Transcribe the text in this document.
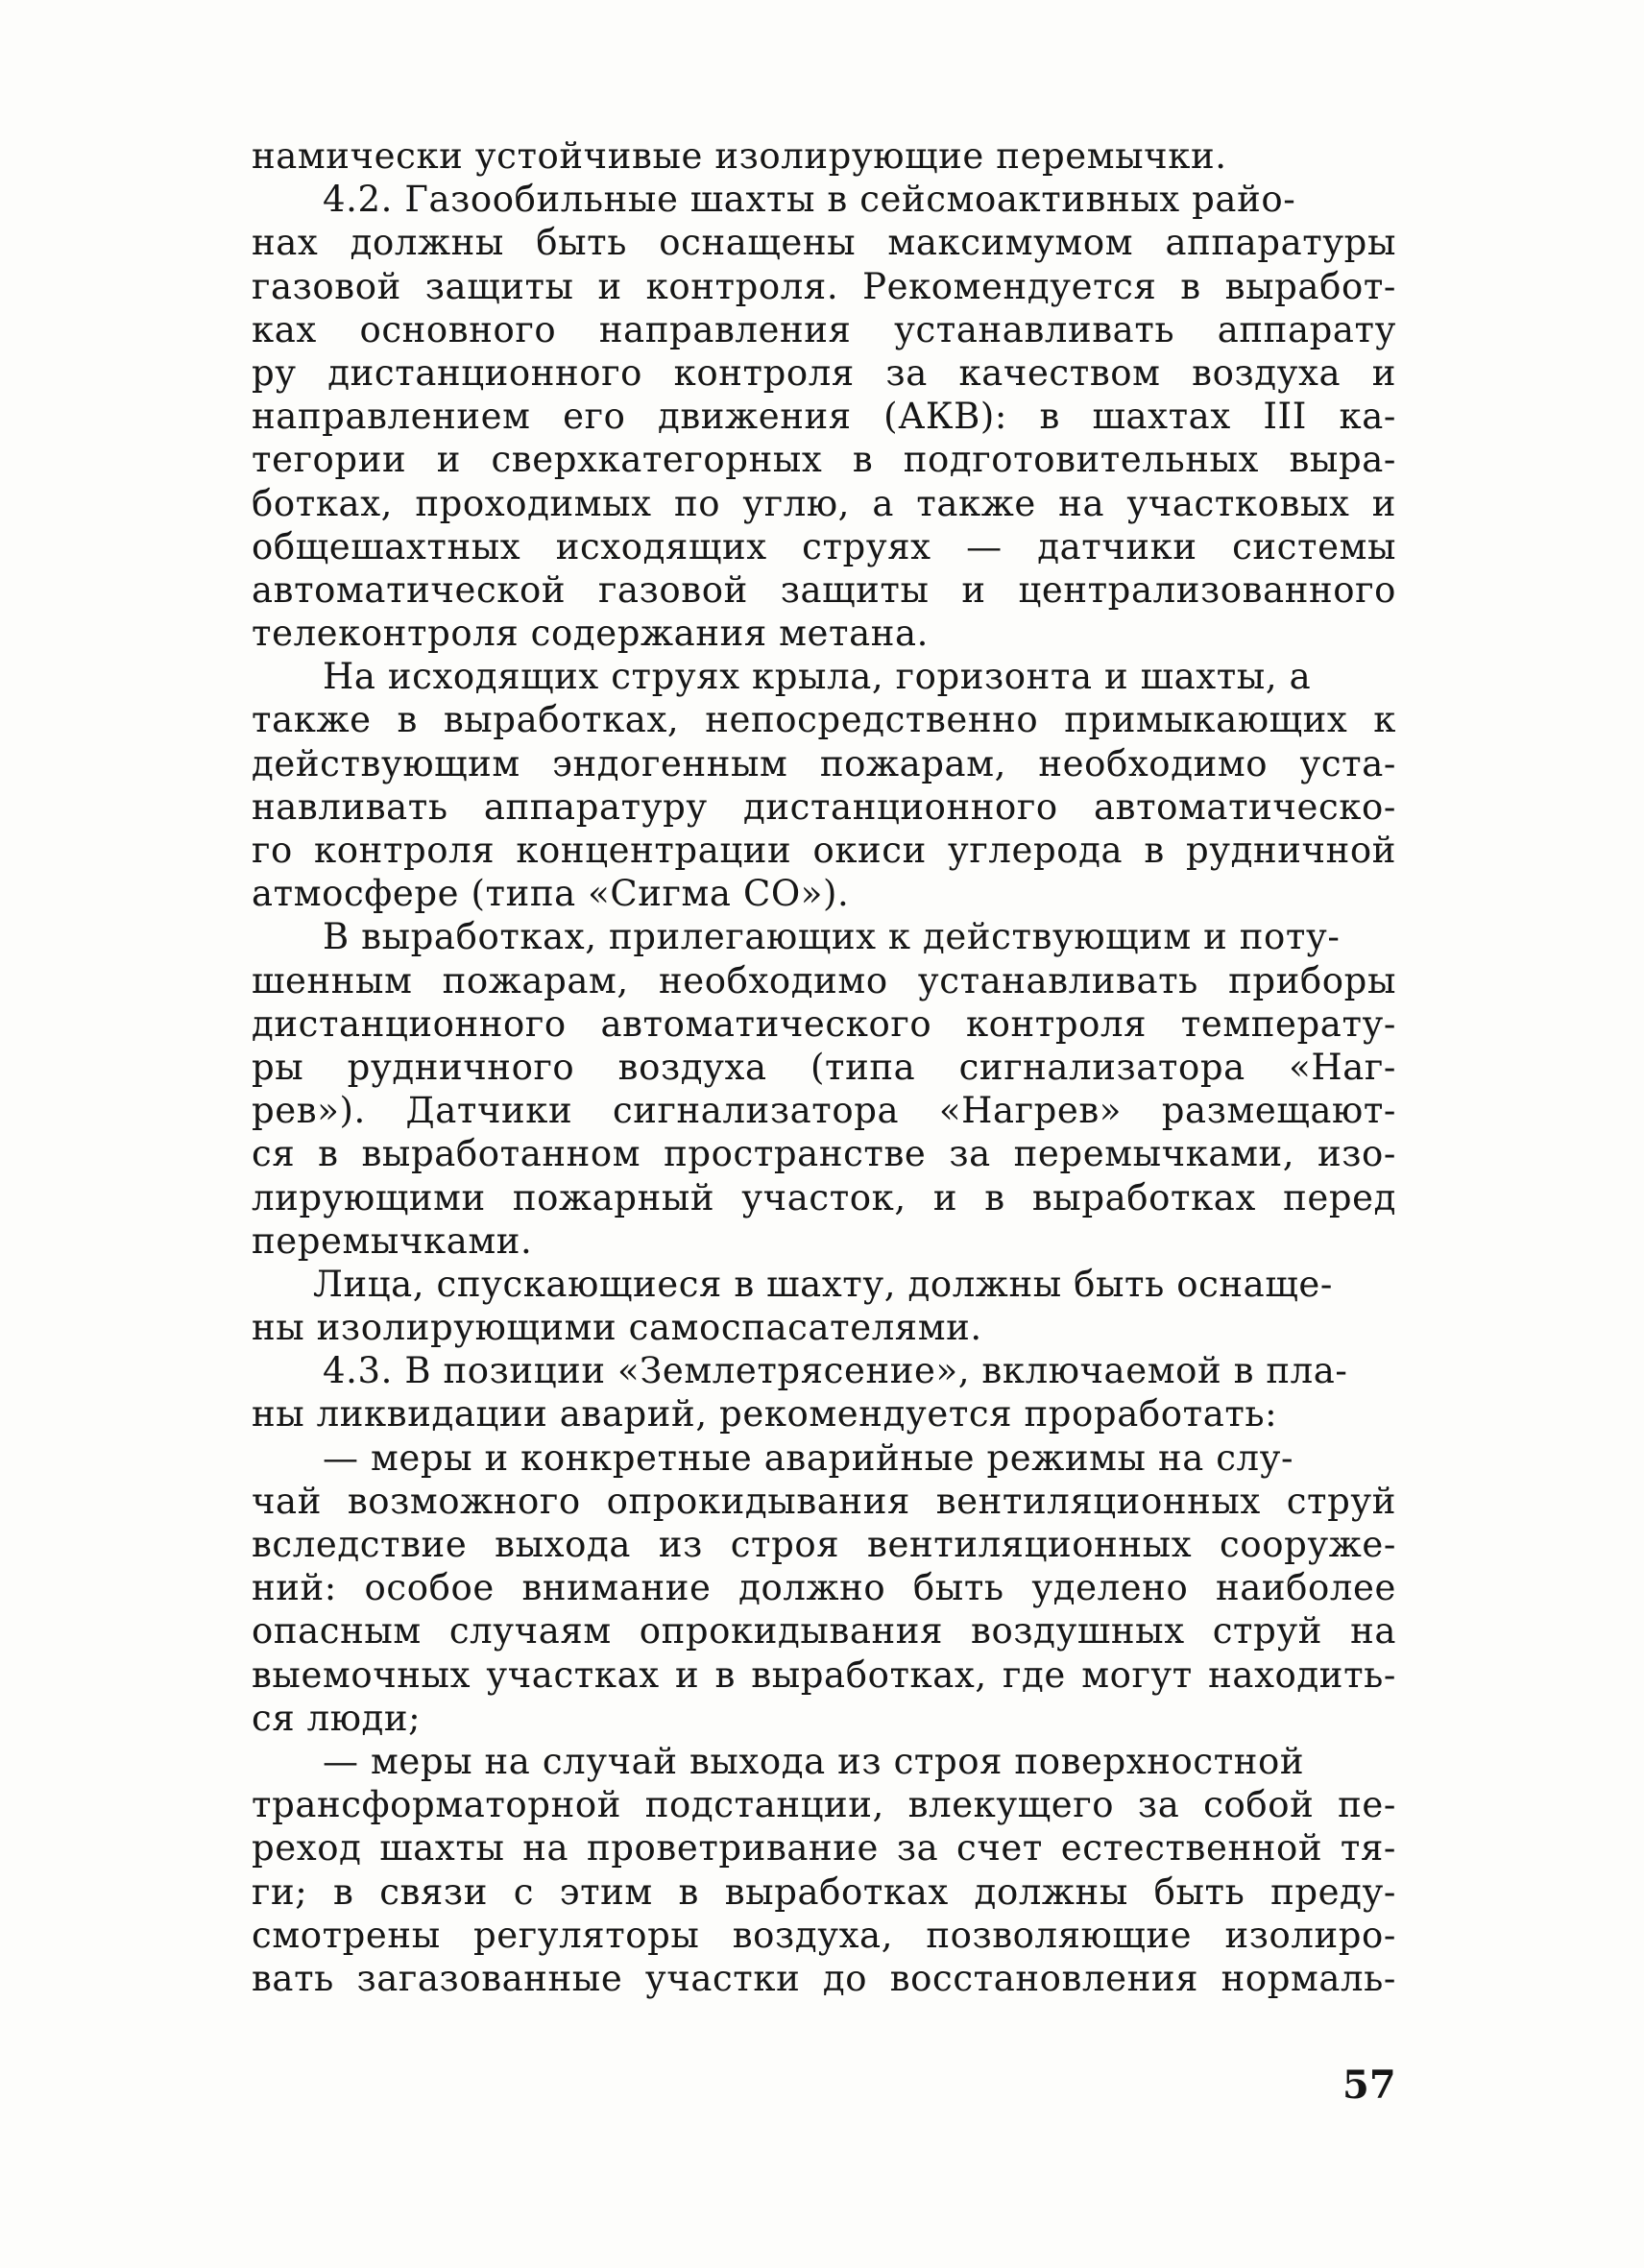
намически устойчивые изолирующие перемычки.
4.2. Газообильные шахты в сейсмоактивных райо-
нах должны быть оснащены максимумом аппаратуры
газовой защиты и контроля. Рекомендуется в выработ-
ках основного направления устанавливать аппарату
ру дистанционного контроля за качеством воздуха и
направлением его движения (АКВ): в шахтах III ка-
тегории и сверхкатегорных в подготовительных выра-
ботках, проходимых по углю, а также на участковых и
общешахтных исходящих струях — датчики системы
автоматической газовой защиты и централизованного
телеконтроля содержания метана.
На исходящих струях крыла, горизонта и шахты, а
также в выработках, непосредственно примыкающих к
действующим эндогенным пожарам, необходимо уста-
навливать аппаратуру дистанционного автоматическо-
го контроля концентрации окиси углерода в рудничной
атмосфере (типа «Сигма СО»).
В выработках, прилегающих к действующим и поту-
шенным пожарам, необходимо устанавливать приборы
дистанционного автоматического контроля температу-
ры рудничного воздуха (типа сигнализатора «Наг-
рев»). Датчики сигнализатора «Нагрев» размещают-
ся в выработанном пространстве за перемычками, изо-
лирующими пожарный участок, и в выработках перед
перемычками.
Лица, спускающиеся в шахту, должны быть оснаще-
ны изолирующими самоспасателями.
4.3. В позиции «Землетрясение», включаемой в пла-
ны ликвидации аварий, рекомендуется проработать:
— меры и конкретные аварийные режимы на слу-
чай возможного опрокидывания вентиляционных струй
вследствие выхода из строя вентиляционных сооруже-
ний: особое внимание должно быть уделено наиболее
опасным случаям опрокидывания воздушных струй на
выемочных участках и в выработках, где могут находить-
ся люди;
— меры на случай выхода из строя поверхностной
трансформаторной подстанции, влекущего за собой пе-
реход шахты на проветривание за счет естественной тя-
ги; в связи с этим в выработках должны быть преду-
смотрены регуляторы воздуха, позволяющие изолиро-
вать загазованные участки до восстановления нормаль-
57
